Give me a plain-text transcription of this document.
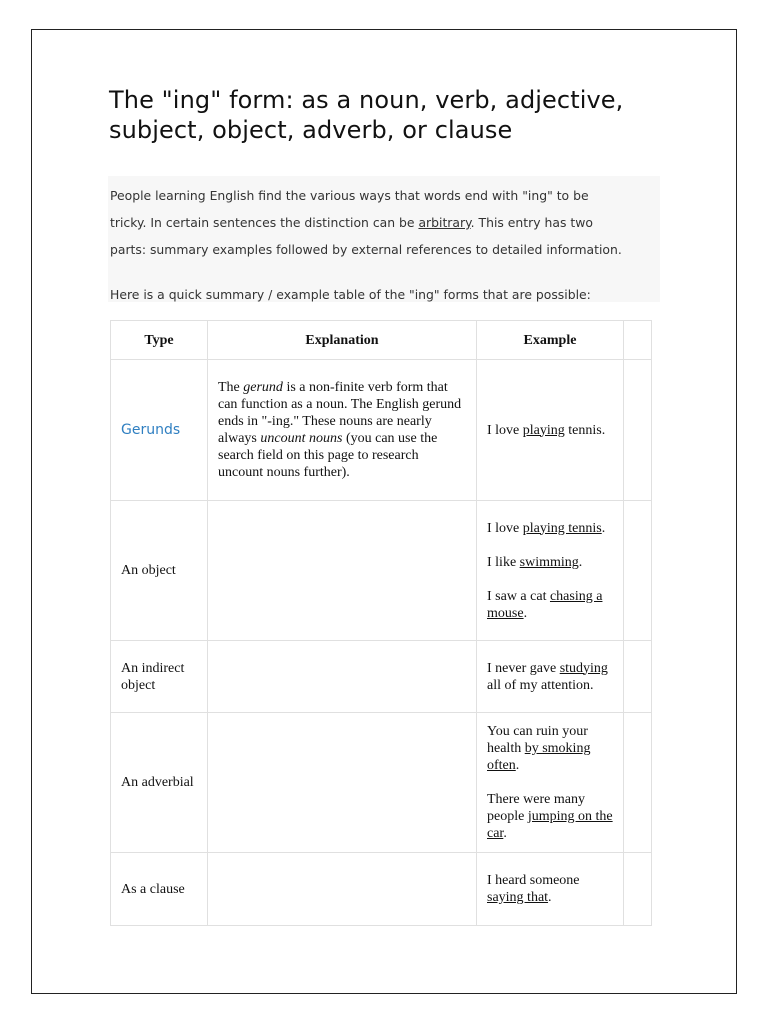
The "ing" form: as a noun, verb, adjective, subject, object, adverb, or clause
People learning English find the various ways that words end with "ing" to be
tricky. In certain sentences the distinction can be arbitrary. This entry has two
parts: summary examples followed by external references to detailed information.
Here is a quick summary / example table of the "ing" forms that are possible:
Type	Explanation	Example	
Gerunds	The gerund is a non-finite verb form that can function as a noun. The English gerund ends in "-ing." These nouns are nearly always uncount nouns (you can use the search field on this page to research uncount nouns further).	I love playing tennis.	

An object		I love playing tennis.

I like swimming.

I saw a cat chasing a mouse.	

An indirect object		I never gave studying all of my attention.	

An adverbial		You can ruin your health by smoking often.

There were many people jumping on the car.	

As a clause		I heard someone saying that.	
